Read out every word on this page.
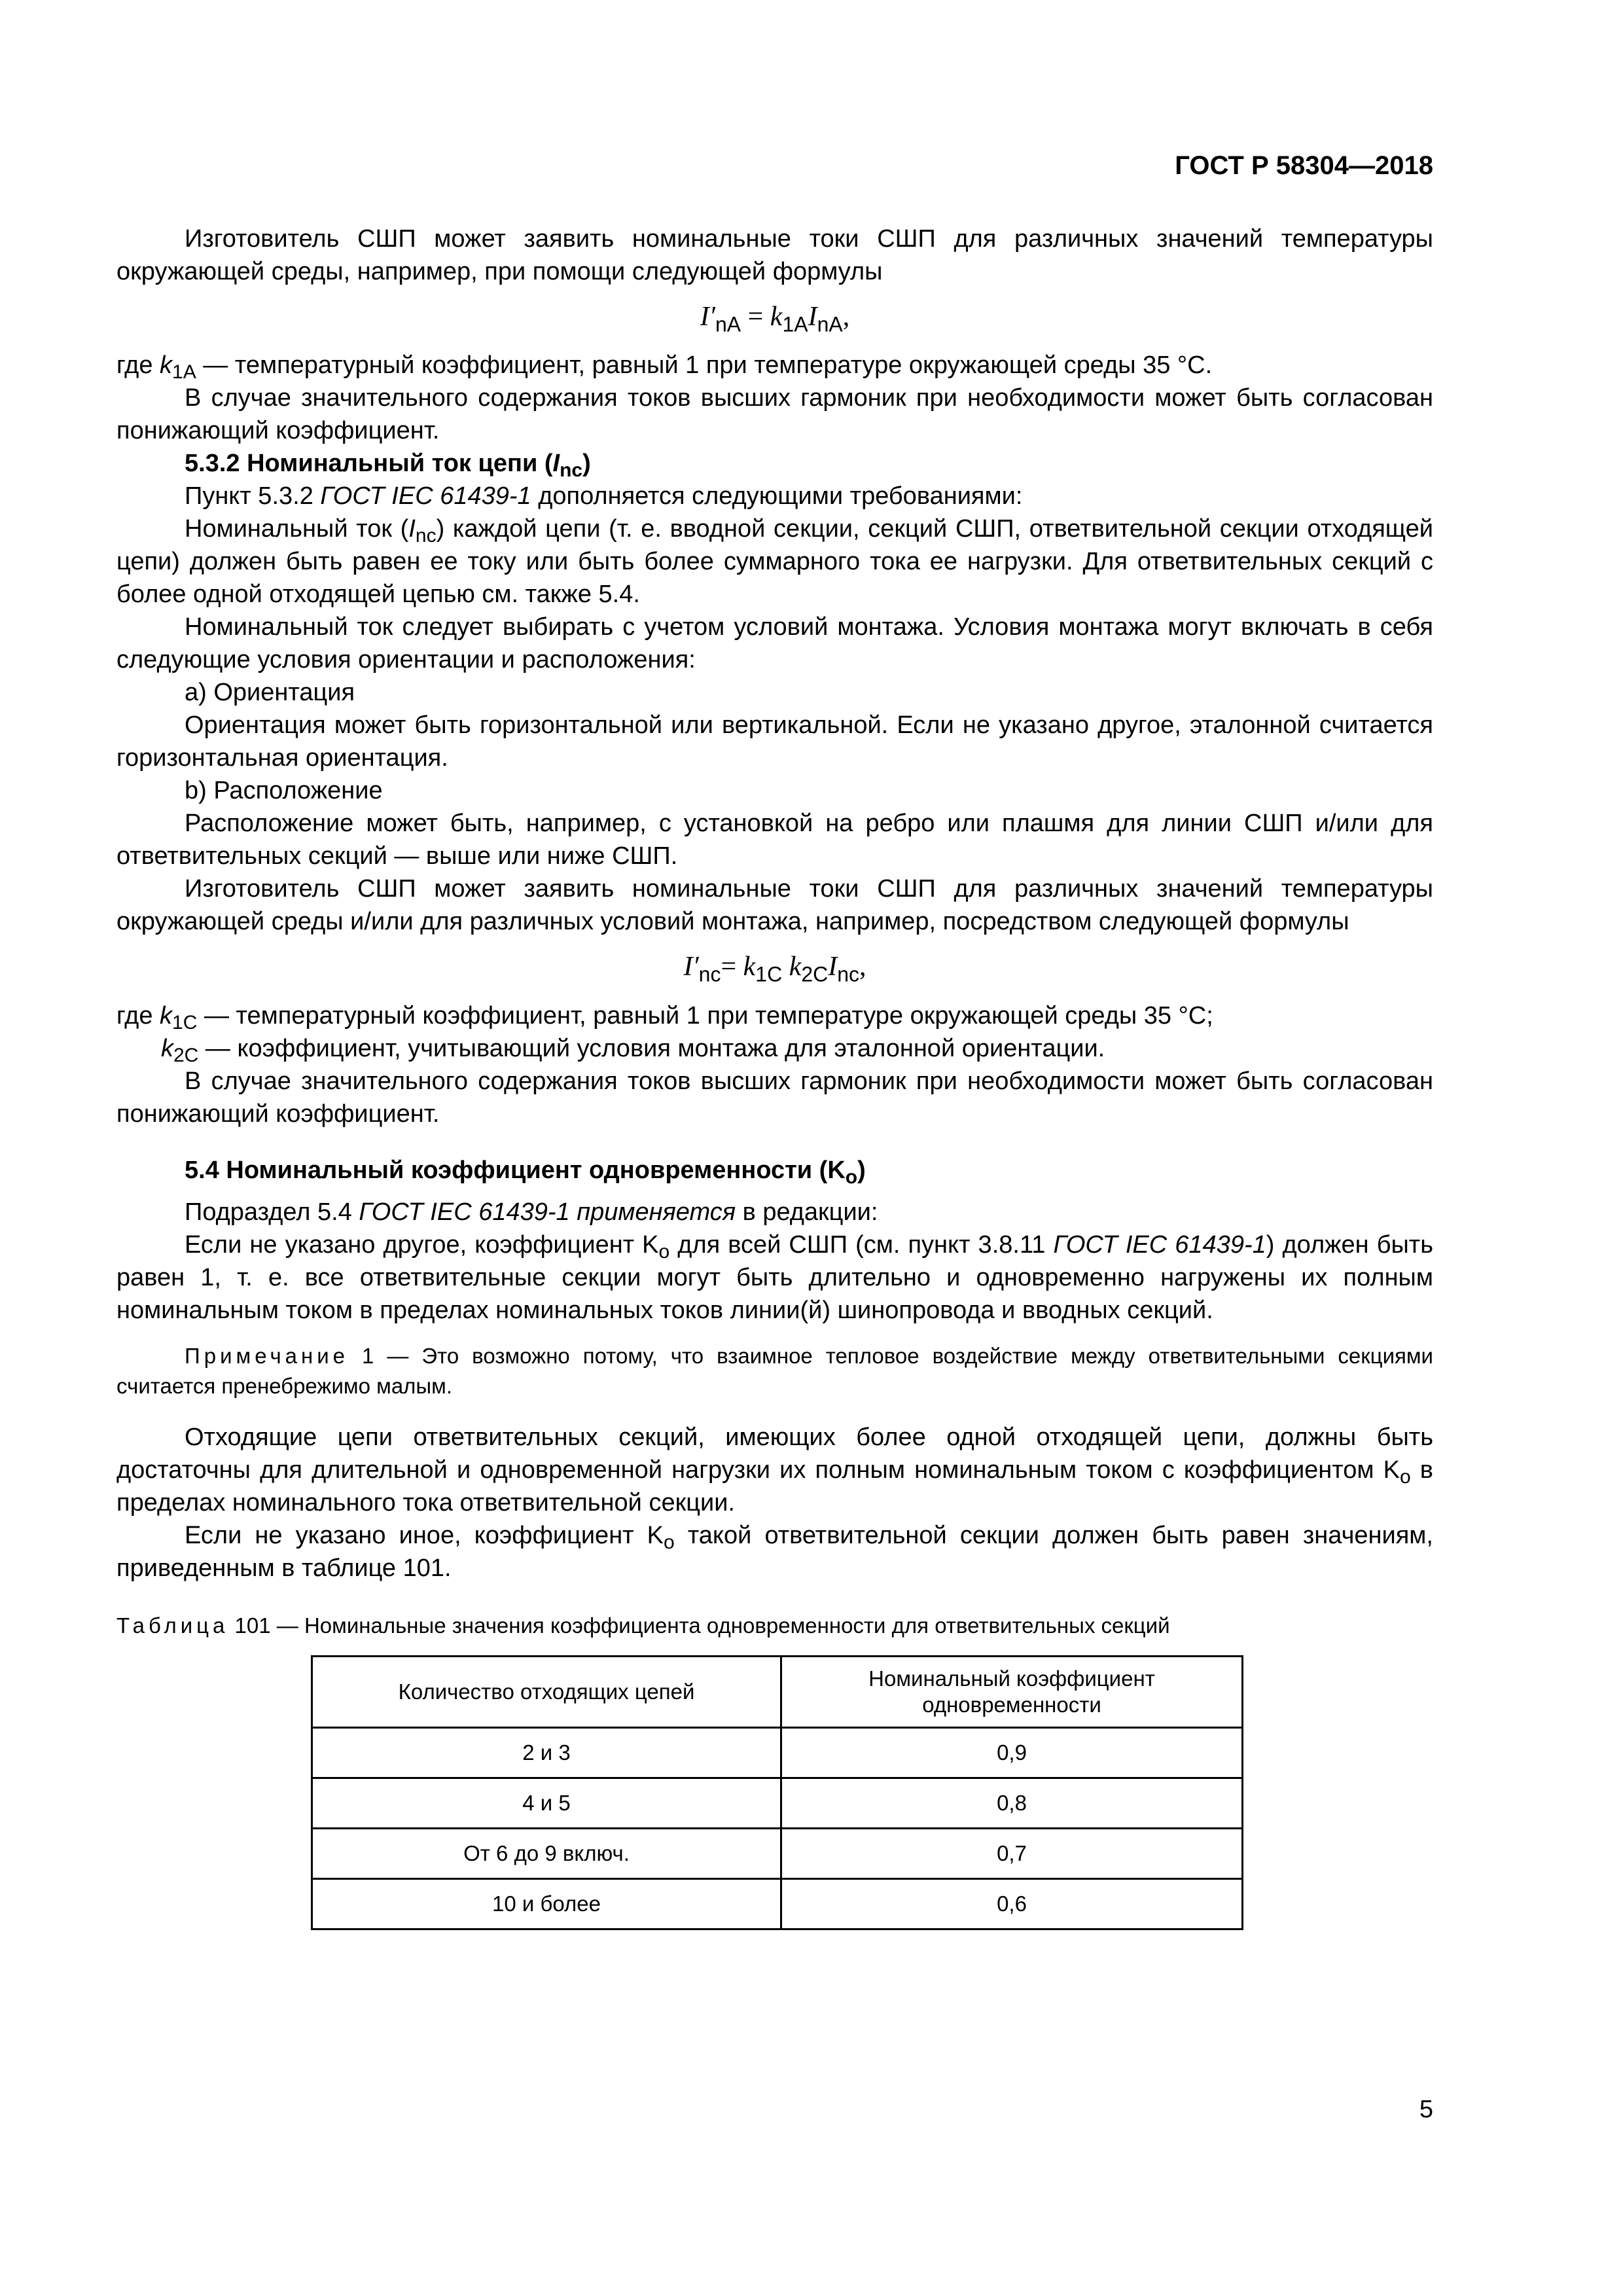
ГОСТ Р 58304—2018

Изготовитель СШП может заявить номинальные токи СШП для различных значений температуры окружающей среды, например, при помощи следующей формулы

$I'_{nA} = k_{1A}I_{nA}$,

где $k_{1A}$ — температурный коэффициент, равный 1 при температуре окружающей среды 35 °C.

В случае значительного содержания токов высших гармоник при необходимости может быть согласован понижающий коэффициент.

5.3.2 Номинальный ток цепи $(I_{nc})$

Пункт 5.3.2 ГОСТ IEC 61439-1 дополняется следующими требованиями:

Номинальный ток $(I_{nc})$ каждой цепи (т. е. вводной секции, секций СШП, ответвительной секции отходящей цепи) должен быть равен ее току или быть более суммарного тока ее нагрузки. Для ответвительных секций с более одной отходящей цепью см. также 5.4.

Номинальный ток следует выбирать с учетом условий монтажа. Условия монтажа могут включать в себя следующие условия ориентации и расположения:

a) Ориентация

Ориентация может быть горизонтальной или вертикальной. Если не указано другое, эталонной считается горизонтальная ориентация.

b) Расположение

Расположение может быть, например, с установкой на ребро или плашмя для линии СШП и/или для ответвительных секций — выше или ниже СШП.

Изготовитель СШП может заявить номинальные токи СШП для различных значений температуры окружающей среды и/или для различных условий монтажа, например, посредством следующей формулы

$I'_{nc}= k_{1C}$ $k_{2C}I_{nc}$,

где $k_{1C}$ — температурный коэффициент, равный 1 при температуре окружающей среды 35 °C;

$k_{2C}$ — коэффициент, учитывающий условия монтажа для эталонной ориентации.

В случае значительного содержания токов высших гармоник при необходимости может быть согласован понижающий коэффициент.

5.4 Номинальный коэффициент одновременности $(K_o)$

Подраздел 5.4 ГОСТ IEC 61439-1 применяется в редакции:

Если не указано другое, коэффициент $K_o$ для всей СШП (см. пункт 3.8.11 ГОСТ IEC 61439-1) должен быть равен 1, т. е. все ответвительные секции могут быть длительно и одновременно нагружены их полным номинальным током в пределах номинальных токов линии(й) шинопровода и вводных секций.

Примечание 1 — Это возможно потому, что взаимное тепловое воздействие между ответвительными секциями считается пренебрежимо малым.

Отходящие цепи ответвительных секций, имеющих более одной отходящей цепи, должны быть достаточны для длительной и одновременной нагрузки их полным номинальным током с коэффициентом $K_o$ в пределах номинального тока ответвительной секции.

Если не указано иное, коэффициент $K_o$ такой ответвительной секции должен быть равен значениям, приведенным в таблице 101.

Таблица 101 — Номинальные значения коэффициента одновременности для ответвительных секций

Количество отходящих цепей	Номинальный коэффициент одновременности
2 и 3	0,9
4 и 5	0,8
От 6 до 9 включ.	0,7
10 и более	0,6
5
